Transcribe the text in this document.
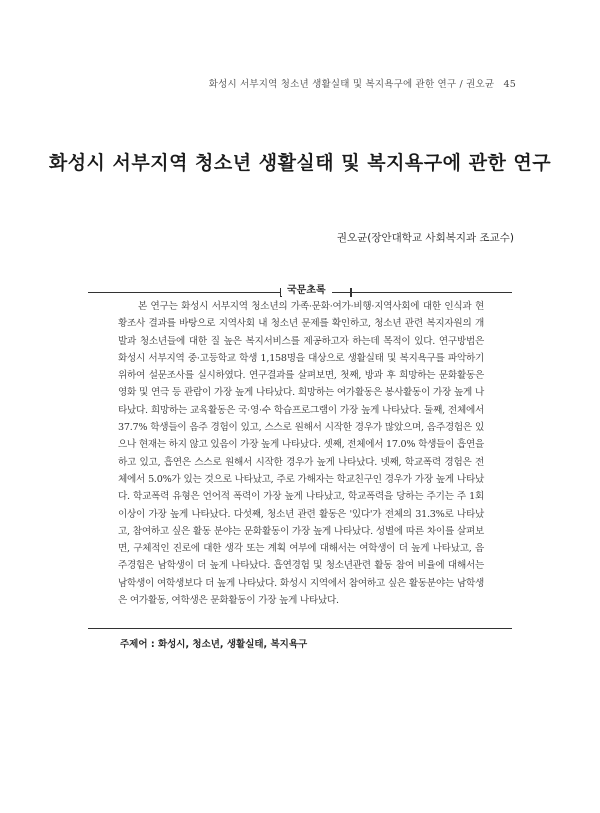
화성시 서부지역 청소년 생활실태 및 복지욕구에 관한 연구 / 권오균 45
화성시 서부지역 청소년 생활실태 및 복지욕구에 관한 연구
권오균(장안대학교 사회복지과 조교수)
국문초록
본 연구는 화성시 서부지역 청소년의 가족·문화·여가·비행·지역사회에 대한 인식과 현황조사 결과를 바탕으로 지역사회 내 청소년 문제를 확인하고, 청소년 관련 복지자원의 개발과 청소년들에 대한 질 높은 복지서비스를 제공하고자 하는데 목적이 있다. 연구방법은 화성시 서부지역 중·고등학교 학생 1,158명을 대상으로 생활실태 및 복지욕구를 파악하기 위하여 설문조사를 실시하였다. 연구결과를 살펴보면, 첫째, 방과 후 희망하는 문화활동은 영화 및 연극 등 관람이 가장 높게 나타났다. 희망하는 여가활동은 봉사활동이 가장 높게 나타났다. 희망하는 교육활동은 국·영·수 학습프로그램이 가장 높게 나타났다. 둘째, 전체에서 37.7% 학생들이 음주 경험이 있고, 스스로 원해서 시작한 경우가 많았으며, 음주경험은 있으나 현재는 하지 않고 있음이 가장 높게 나타났다. 셋째, 전체에서 17.0% 학생들이 흡연을 하고 있고, 흡연은 스스로 원해서 시작한 경우가 높게 나타났다. 넷째, 학교폭력 경험은 전체에서 5.0%가 있는 것으로 나타났고, 주로 가해자는 학교친구인 경우가 가장 높게 나타났다. 학교폭력 유형은 언어적 폭력이 가장 높게 나타났고, 학교폭력을 당하는 주기는 주 1회 이상이 가장 높게 나타났다. 다섯째, 청소년 관련 활동은 '있다'가 전체의 31.3%로 나타났고, 참여하고 싶은 활동 분야는 문화활동이 가장 높게 나타났다. 성별에 따른 차이를 살펴보면, 구체적인 진로에 대한 생각 또는 계획 여부에 대해서는 여학생이 더 높게 나타났고, 음주경험은 남학생이 더 높게 나타났다. 흡연경험 및 청소년관련 활동 참여 비율에 대해서는 남학생이 여학생보다 더 높게 나타났다. 화성시 지역에서 참여하고 싶은 활동분야는 남학생은 여가활동, 여학생은 문화활동이 가장 높게 나타났다.
주제어 : 화성시, 청소년, 생활실태, 복지욕구
